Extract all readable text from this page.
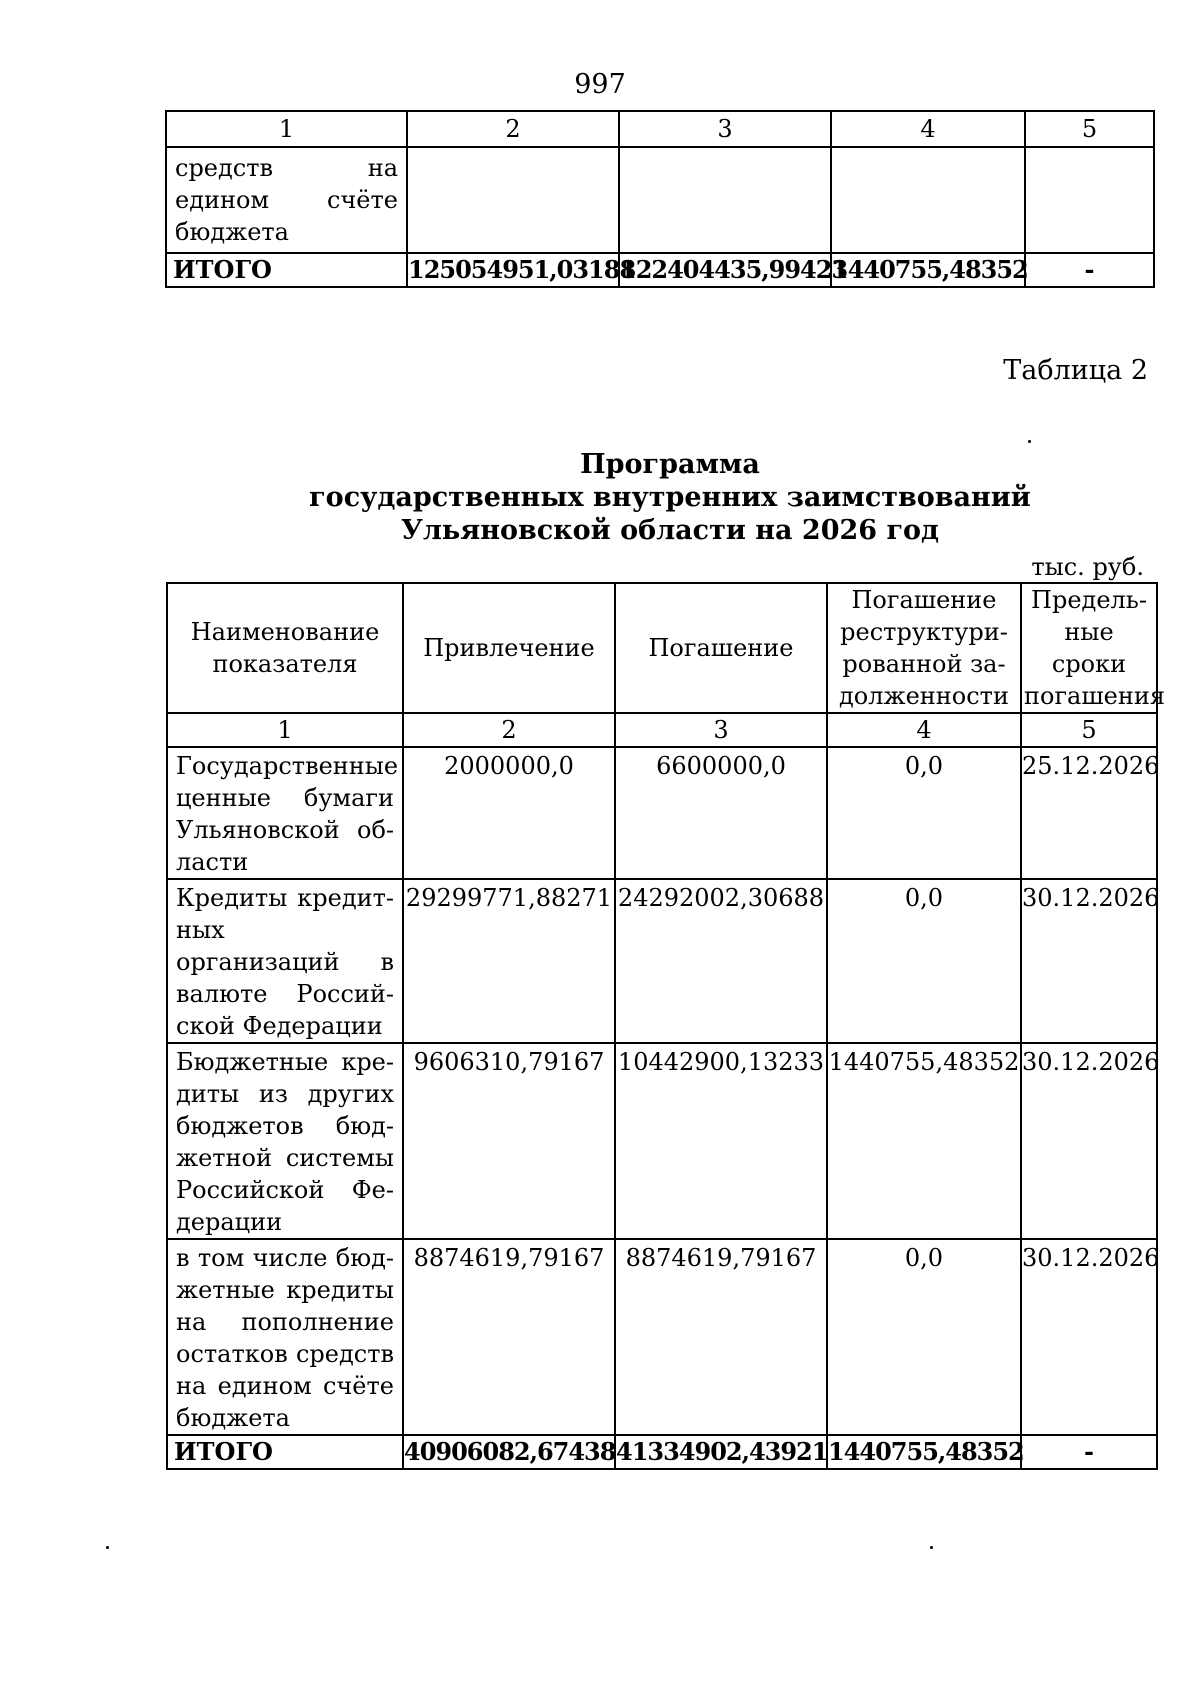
997
1	2	3	4	5
средств на едином счёте бюджета				
ИТОГО	125054951,03188	122404435,99423	1440755,48352	-
Таблица 2
Программа
государственных внутренних заимствований
Ульяновской области на 2026 год
тыс. руб.
Наименование показателя	Привлечение	Погашение	Погашение реструктури-рованной за-долженности	Предель-ные сроки погашения
1	2	3	4	5
Государственные ценные бумаги Ульяновской об-ласти	2000000,0	6600000,0	0,0	25.12.2026
Кредиты кредит-ных организаций в валюте Россий-ской Федерации	29299771,88271	24292002,30688	0,0	30.12.2026
Бюджетные кре-диты из других бюджетов бюд-жетной системы Российской Фе-дерации	9606310,79167	10442900,13233	1440755,48352	30.12.2026
в том числе бюд-жетные кредиты на пополнение остатков средств на едином счёте бюджета	8874619,79167	8874619,79167	0,0	30.12.2026
ИТОГО	40906082,67438	41334902,43921	1440755,48352	-
